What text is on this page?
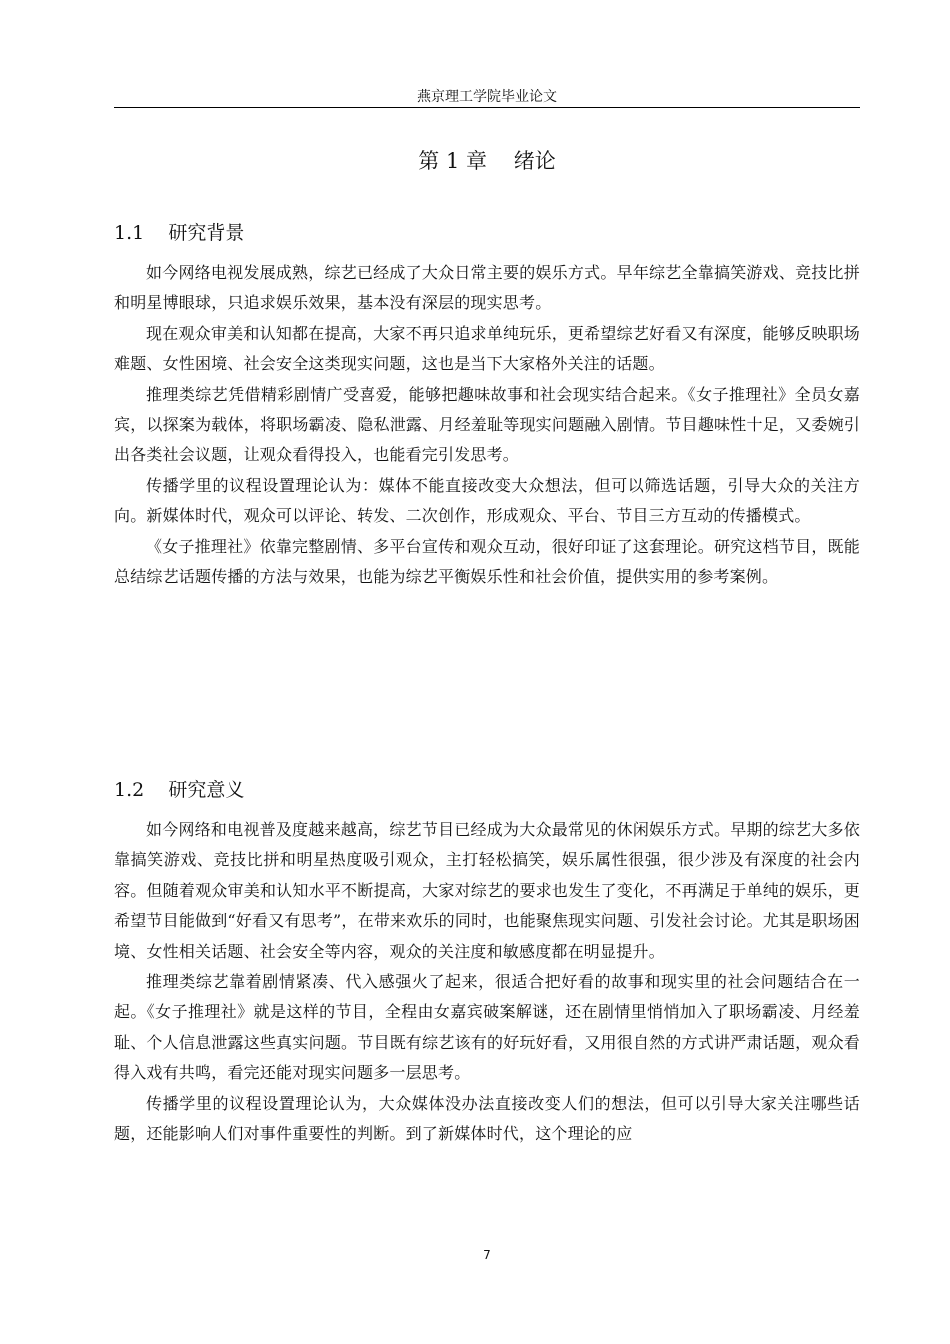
燕京理工学院毕业论文
第 1 章    绪论
1.1 研究背景

如今网络电视发展成熟，综艺已经成了大众日常主要的娱乐方式。早年综艺全靠搞笑游戏、竞技比拼和明星博眼球，只追求娱乐效果，基本没有深层的现实思考。

现在观众审美和认知都在提高，大家不再只追求单纯玩乐，更希望综艺好看又有深度，能够反映职场难题、女性困境、社会安全这类现实问题，这也是当下大家格外关注的话题。

推理类综艺凭借精彩剧情广受喜爱，能够把趣味故事和社会现实结合起来。《女子推理社》全员女嘉宾，以探案为载体，将职场霸凌、隐私泄露、月经羞耻等现实问题融入剧情。节目趣味性十足，又委婉引出各类社会议题，让观众看得投入，也能看完引发思考。

传播学里的议程设置理论认为：媒体不能直接改变大众想法，但可以筛选话题，引导大众的关注方向。新媒体时代，观众可以评论、转发、二次创作，形成观众、平台、节目三方互动的传播模式。

《女子推理社》依靠完整剧情、多平台宣传和观众互动，很好印证了这套理论。研究这档节目，既能总结综艺话题传播的方法与效果，也能为综艺平衡娱乐性和社会价值，提供实用的参考案例。

1.2 研究意义

如今网络和电视普及度越来越高，综艺节目已经成为大众最常见的休闲娱乐方式。早期的综艺大多依靠搞笑游戏、竞技比拼和明星热度吸引观众，主打轻松搞笑，娱乐属性很强，很少涉及有深度的社会内容。但随着观众审美和认知水平不断提高，大家对综艺的要求也发生了变化，不再满足于单纯的娱乐，更希望节目能做到“好看又有思考”，在带来欢乐的同时，也能聚焦现实问题、引发社会讨论。尤其是职场困境、女性相关话题、社会安全等内容，观众的关注度和敏感度都在明显提升。

推理类综艺靠着剧情紧凑、代入感强火了起来，很适合把好看的故事和现实里的社会问题结合在一起。《女子推理社》就是这样的节目，全程由女嘉宾破案解谜，还在剧情里悄悄加入了职场霸凌、月经羞耻、个人信息泄露这些真实问题。节目既有综艺该有的好玩好看，又用很自然的方式讲严肃话题，观众看得入戏有共鸣，看完还能对现实问题多一层思考。

传播学里的议程设置理论认为，大众媒体没办法直接改变人们的想法，但可以引导大家关注哪些话题，还能影响人们对事件重要性的判断。到了新媒体时代，这个理论的应

7
